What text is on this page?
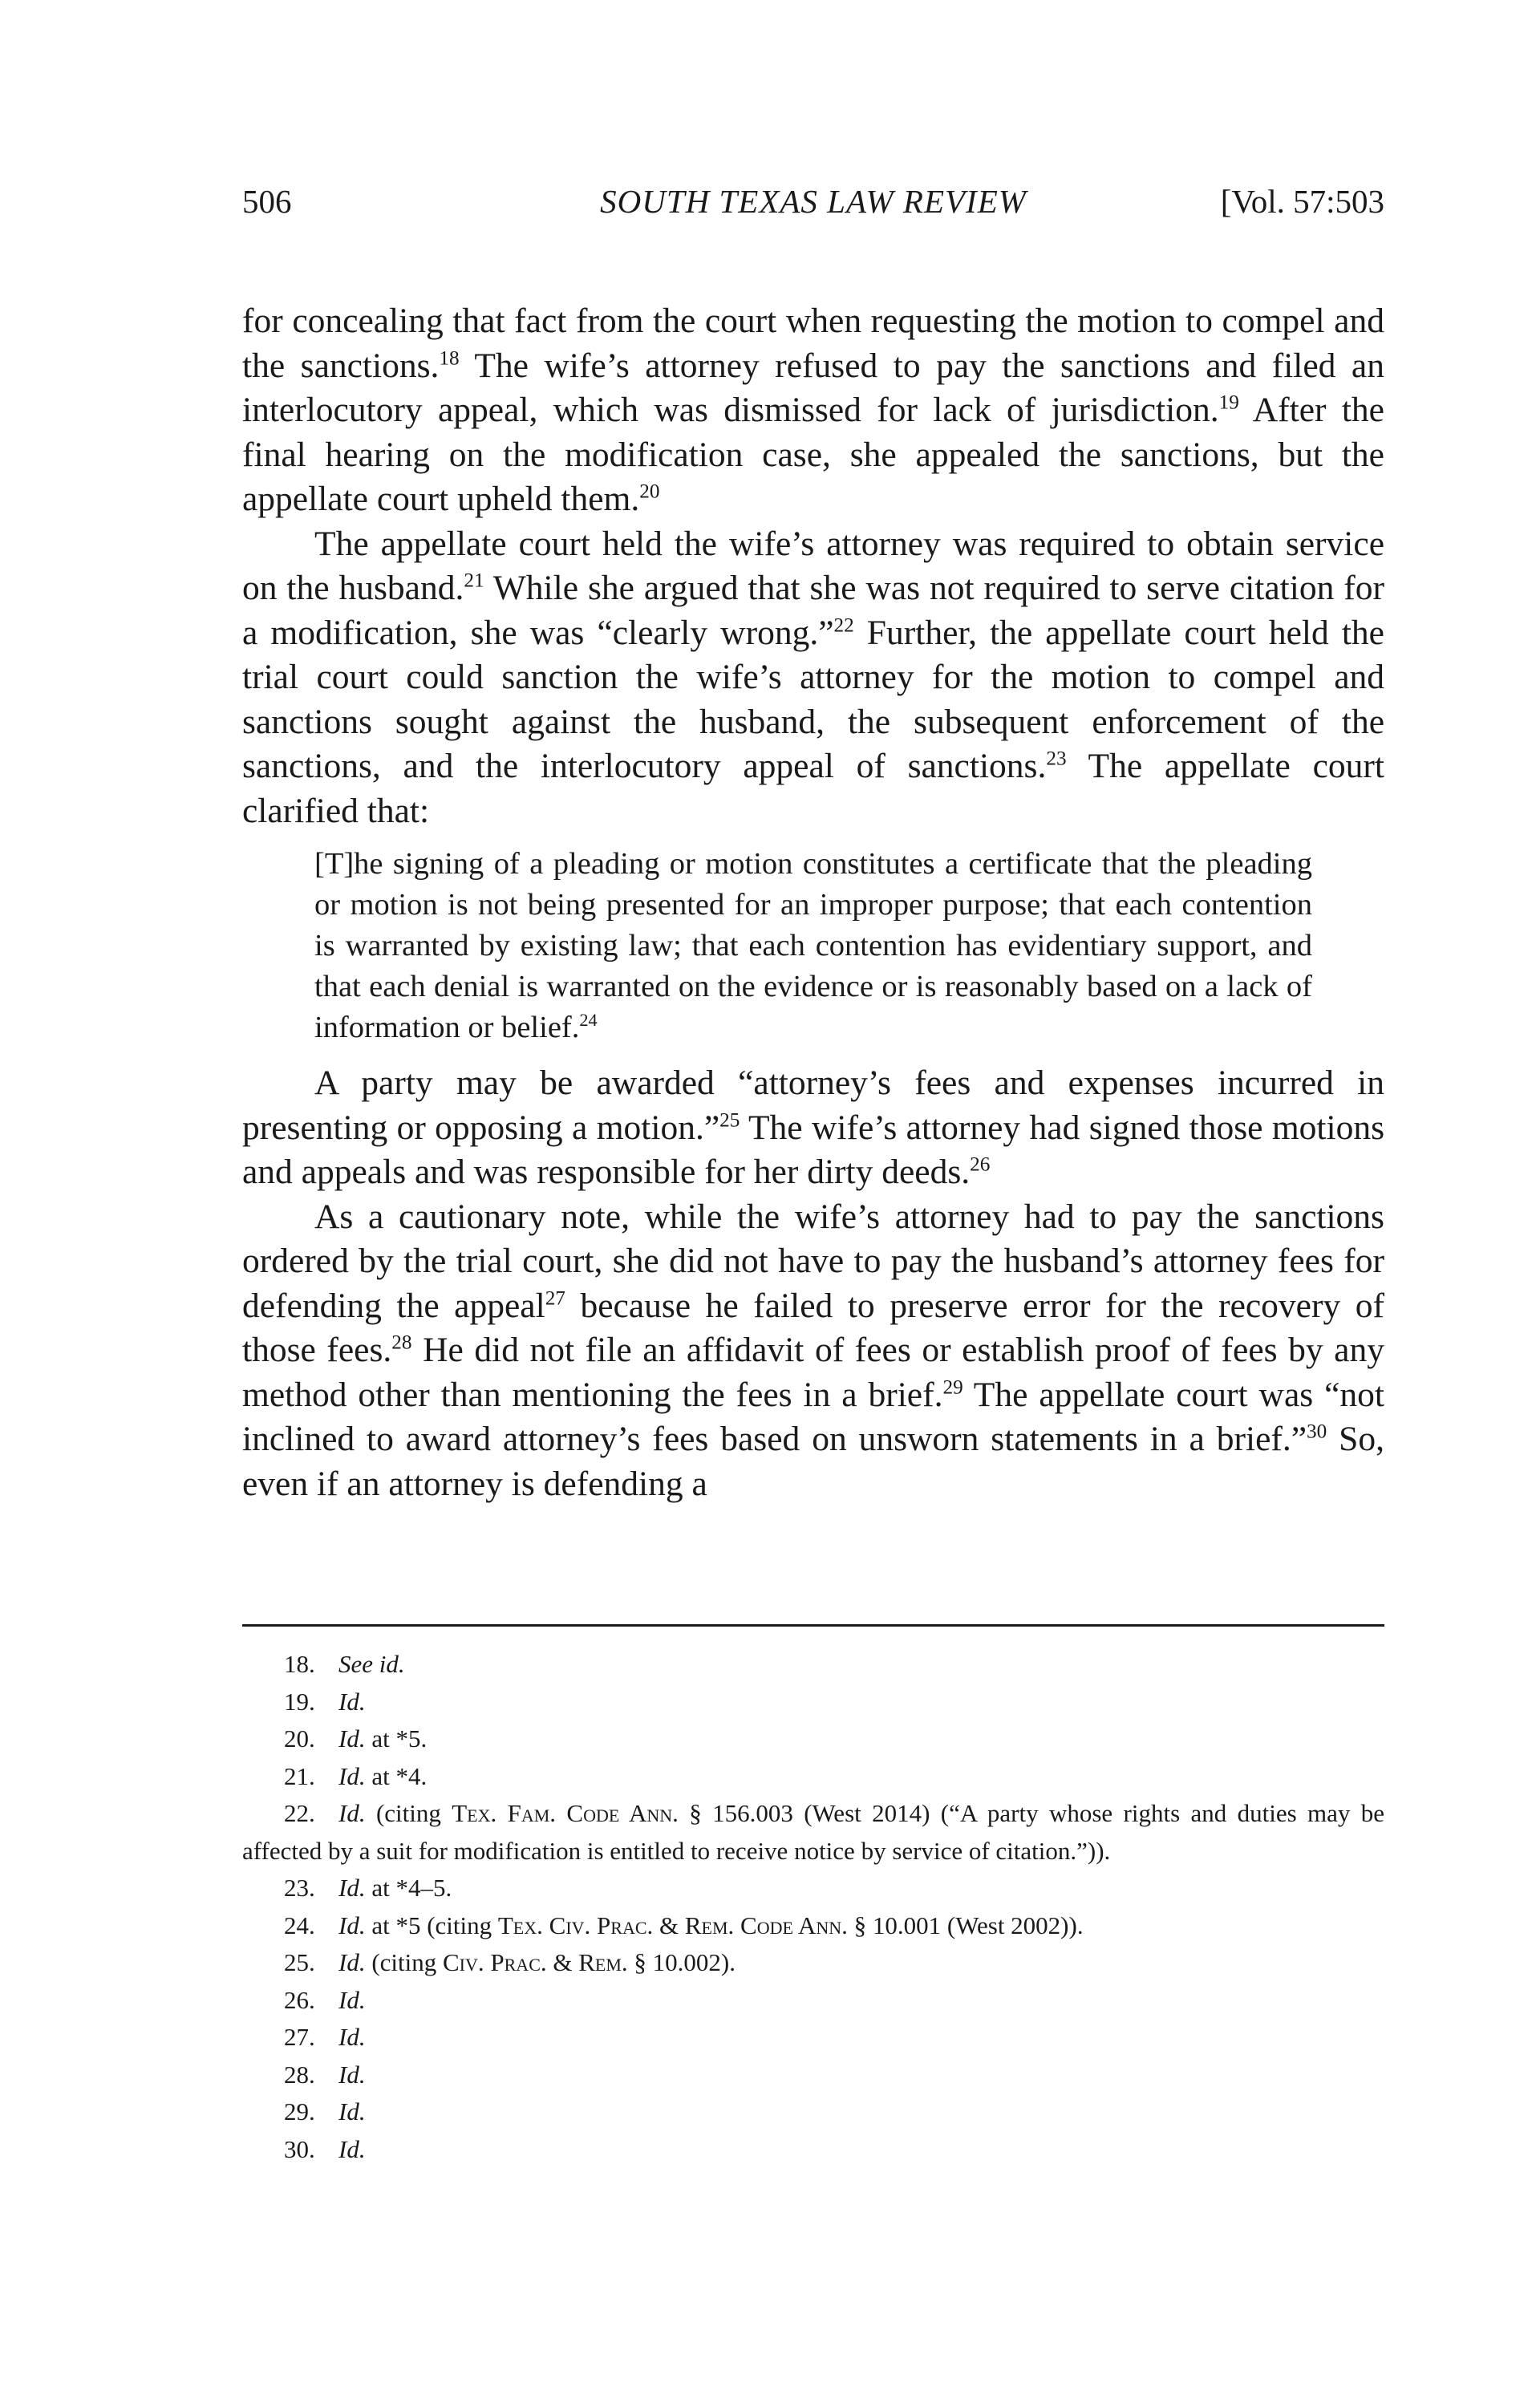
506	SOUTH TEXAS LAW REVIEW	[Vol. 57:503

for concealing that fact from the court when requesting the motion to compel and the sanctions.$^{18}$ The wife’s attorney refused to pay the sanctions and filed an interlocutory appeal, which was dismissed for lack of jurisdiction.$^{19}$ After the final hearing on the modification case, she appealed the sanctions, but the appellate court upheld them.$^{20}$

The appellate court held the wife’s attorney was required to obtain service on the husband.$^{21}$ While she argued that she was not required to serve citation for a modification, she was “clearly wrong.”$^{22}$ Further, the appellate court held the trial court could sanction the wife’s attorney for the motion to compel and sanctions sought against the husband, the subsequent enforcement of the sanctions, and the interlocutory appeal of sanctions.$^{23}$ The appellate court clarified that:

[T]he signing of a pleading or motion constitutes a certificate that the pleading or motion is not being presented for an improper purpose; that each contention is warranted by existing law; that each contention has evidentiary support, and that each denial is warranted on the evidence or is reasonably based on a lack of information or belief.$^{24}$

A party may be awarded “attorney’s fees and expenses incurred in presenting or opposing a motion.”$^{25}$ The wife’s attorney had signed those motions and appeals and was responsible for her dirty deeds.$^{26}$

As a cautionary note, while the wife’s attorney had to pay the sanctions ordered by the trial court, she did not have to pay the husband’s attorney fees for defending the appeal$^{27}$ because he failed to preserve error for the recovery of those fees.$^{28}$ He did not file an affidavit of fees or establish proof of fees by any method other than mentioning the fees in a brief.$^{29}$ The appellate court was “not inclined to award attorney’s fees based on unsworn statements in a brief.”$^{30}$ So, even if an attorney is defending a

18. See id.
19. Id.
20. Id. at *5.
21. Id. at *4.
22. Id. (citing Tex. Fam. Code Ann. § 156.003 (West 2014) (“A party whose rights and duties may be affected by a suit for modification is entitled to receive notice by service of citation.”)).
23. Id. at *4–5.
24. Id. at *5 (citing Tex. Civ. Prac. & Rem. Code Ann. § 10.001 (West 2002)).
25. Id. (citing Civ. Prac. & Rem. § 10.002).
26. Id.
27. Id.
28. Id.
29. Id.
30. Id.
